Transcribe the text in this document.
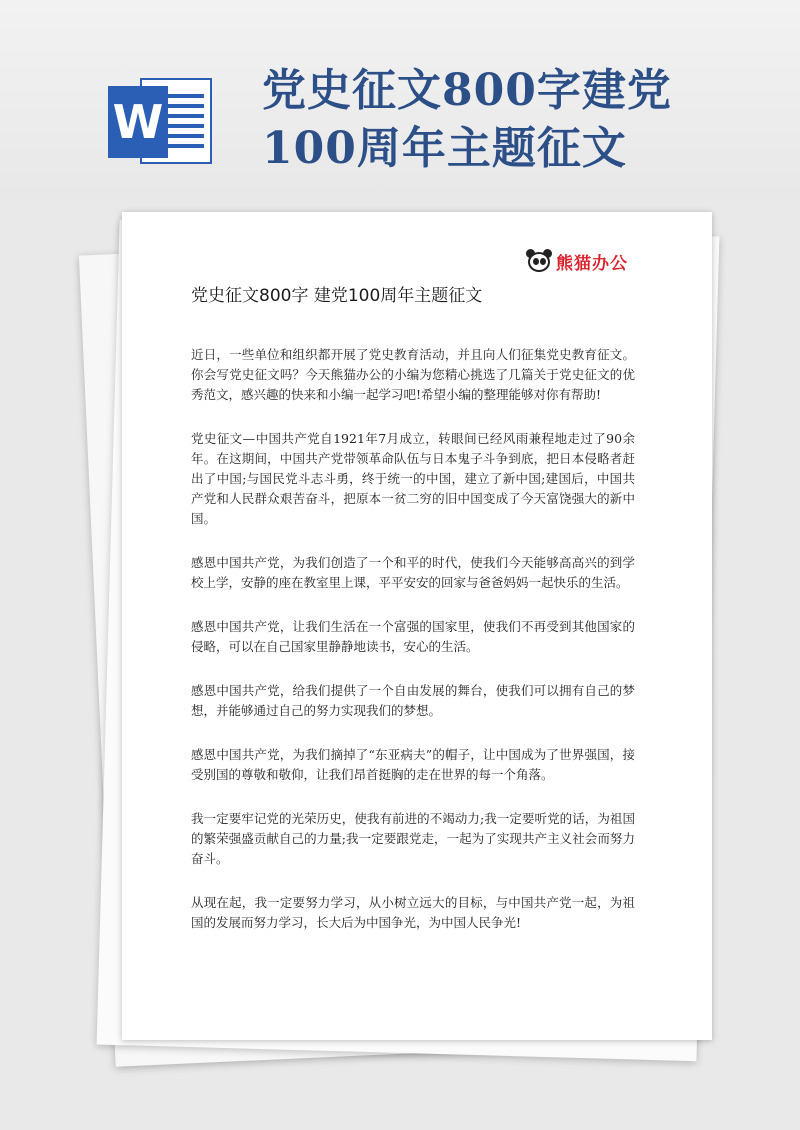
W
党史征文800字建党
100周年主题征文
熊猫办公
党史征文800字 建党100周年主题征文

近日，一些单位和组织都开展了党史教育活动，并且向人们征集党史教育征文。你会写党史征文吗？今天熊猫办公的小编为您精心挑选了几篇关于党史征文的优秀范文，感兴趣的快来和小编一起学习吧!希望小编的整理能够对你有帮助!

党史征文—中国共产党自1921年7月成立，转眼间已经风雨兼程地走过了90余年。在这期间，中国共产党带领革命队伍与日本鬼子斗争到底，把日本侵略者赶出了中国;与国民党斗志斗勇，终于统一的中国，建立了新中国;建国后，中国共产党和人民群众艰苦奋斗，把原本一贫二穷的旧中国变成了今天富饶强大的新中国。

感恩中国共产党，为我们创造了一个和平的时代，使我们今天能够高高兴的到学校上学，安静的座在教室里上课，平平安安的回家与爸爸妈妈一起快乐的生活。

感恩中国共产党，让我们生活在一个富强的国家里，使我们不再受到其他国家的侵略，可以在自己国家里静静地读书，安心的生活。

感恩中国共产党，给我们提供了一个自由发展的舞台，使我们可以拥有自己的梦想，并能够通过自己的努力实现我们的梦想。

感恩中国共产党，为我们摘掉了“东亚病夫”的帽子，让中国成为了世界强国，接受别国的尊敬和敬仰，让我们昂首挺胸的走在世界的每一个角落。

我一定要牢记党的光荣历史，使我有前进的不竭动力;我一定要听党的话，为祖国的繁荣强盛贡献自己的力量;我一定要跟党走，一起为了实现共产主义社会而努力奋斗。

从现在起，我一定要努力学习，从小树立远大的目标，与中国共产党一起，为祖国的发展而努力学习，长大后为中国争光，为中国人民争光!
